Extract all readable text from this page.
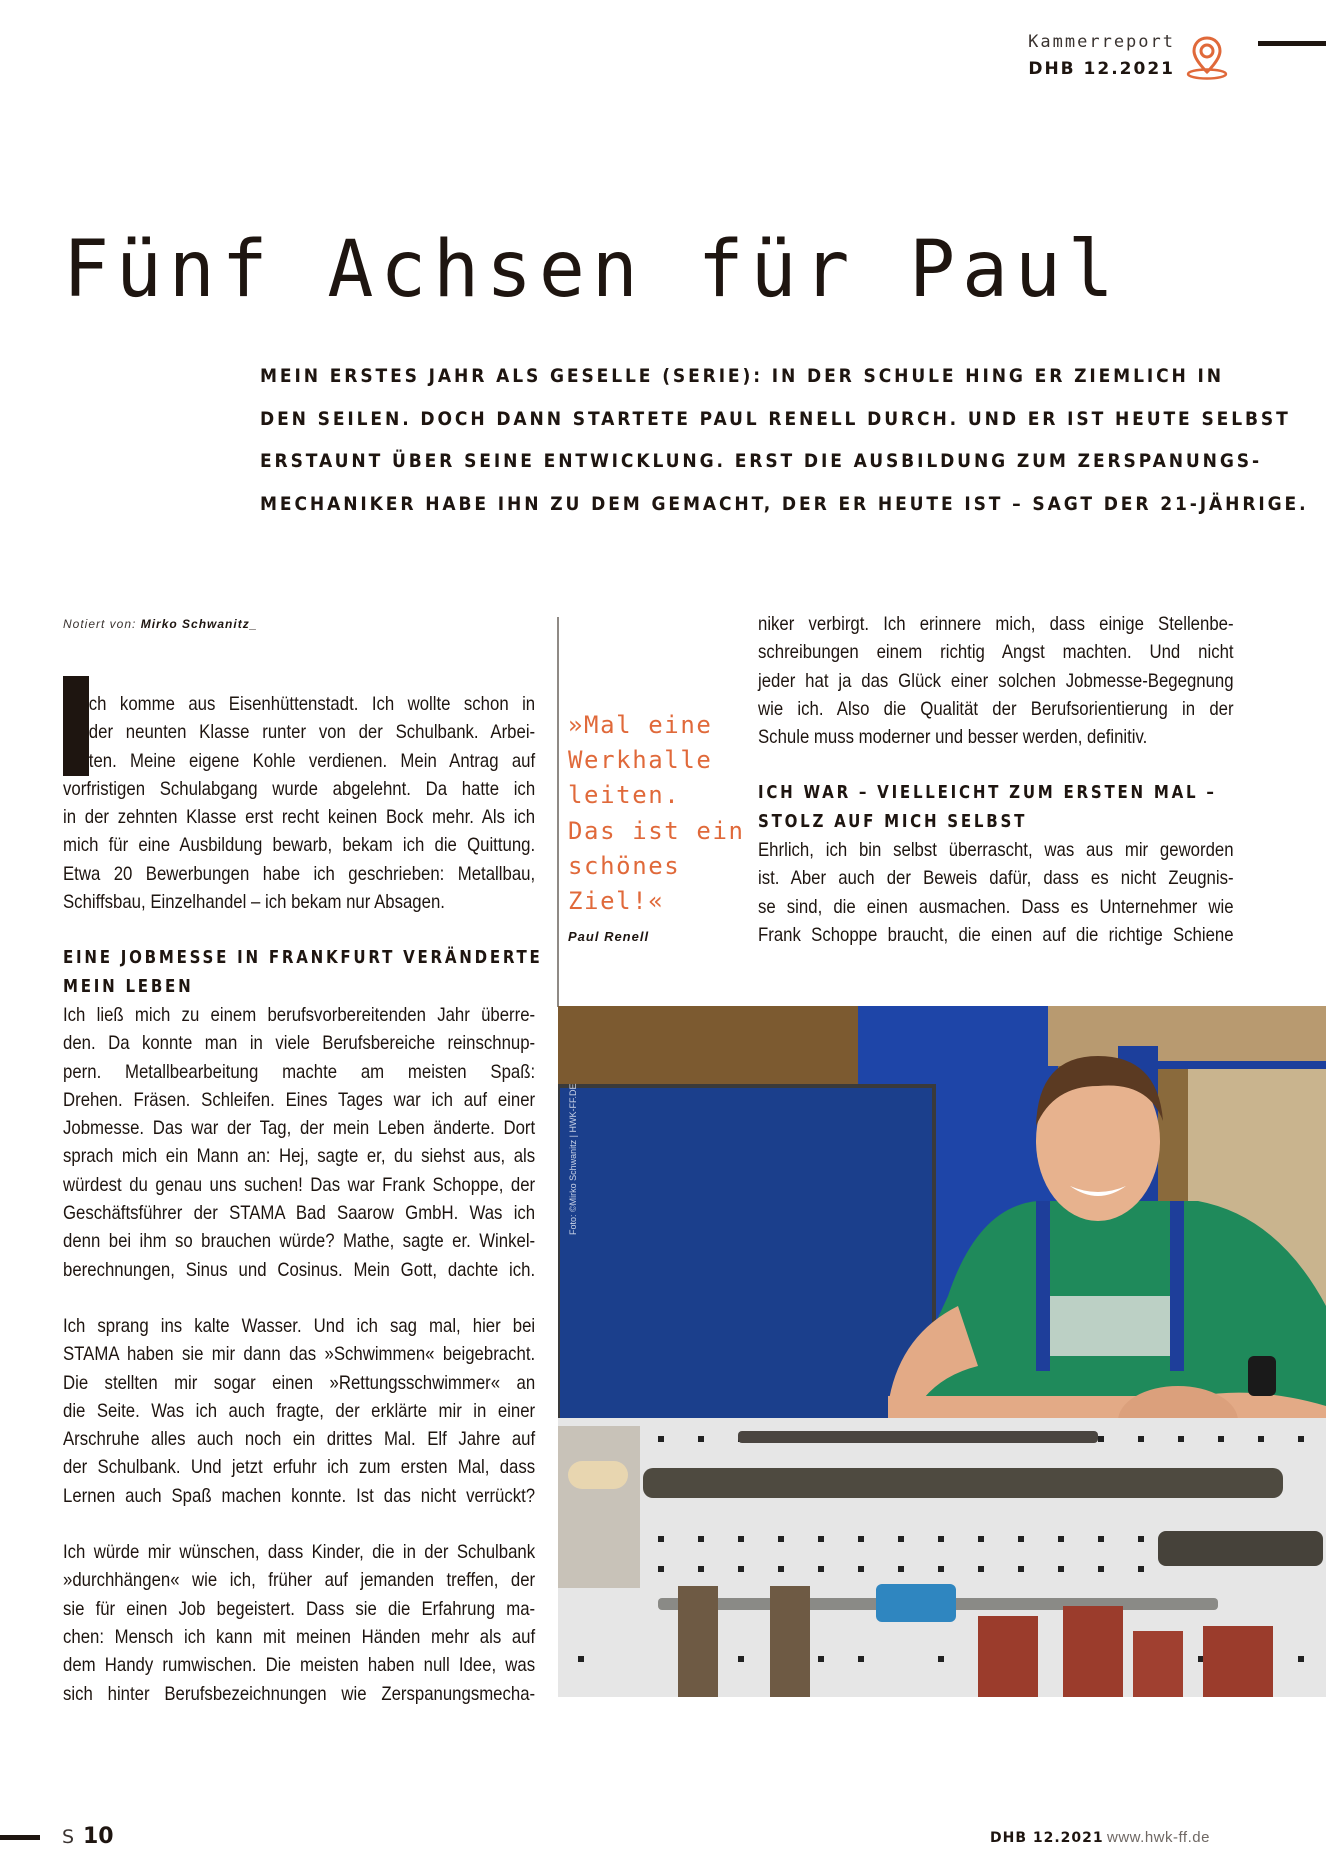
Kammerreport
DHB 12.2021
Fünf Achsen für Paul
MEIN ERSTES JAHR ALS GESELLE (SERIE): IN DER SCHULE HING ER ZIEMLICH IN
DEN SEILEN. DOCH DANN STARTETE PAUL RENELL DURCH. UND ER IST HEUTE SELBST
ERSTAUNT ÜBER SEINE ENTWICKLUNG. ERST DIE AUSBILDUNG ZUM ZERSPANUNGS-
MECHANIKER HABE IHN ZU DEM GEMACHT, DER ER HEUTE IST – SAGT DER 21-JÄHRIGE.
Notiert von: Mirko Schwanitz_
ch komme aus Eisenhüttenstadt. Ich wollte schon in
der neunten Klasse runter von der Schulbank. Arbei-
ten. Meine eigene Kohle verdienen. Mein Antrag auf
vorfristigen Schulabgang wurde abgelehnt. Da hatte ich
in der zehnten Klasse erst recht keinen Bock mehr. Als ich
mich für eine Ausbildung bewarb, bekam ich die Quittung.
Etwa 20 Bewerbungen habe ich geschrieben: Metallbau,
Schiffsbau, Einzelhandel – ich bekam nur Absagen.
EINE JOBMESSE IN FRANKFURT VERÄNDERTE
MEIN LEBEN
Ich ließ mich zu einem berufsvorbereitenden Jahr überre-
den. Da konnte man in viele Berufsbereiche reinschnup-
pern. Metallbearbeitung machte am meisten Spaß:
Drehen. Fräsen. Schleifen. Eines Tages war ich auf einer
Jobmesse. Das war der Tag, der mein Leben änderte. Dort
sprach mich ein Mann an: Hej, sagte er, du siehst aus, als
würdest du genau uns suchen! Das war Frank Schoppe, der
Geschäftsführer der STAMA Bad Saarow GmbH. Was ich
denn bei ihm so brauchen würde? Mathe, sagte er. Winkel-
berechnungen, Sinus und Cosinus. Mein Gott, dachte ich.
Ich sprang ins kalte Wasser. Und ich sag mal, hier bei
STAMA haben sie mir dann das »Schwimmen« beigebracht.
Die stellten mir sogar einen »Rettungsschwimmer« an
die Seite. Was ich auch fragte, der erklärte mir in einer
Arschruhe alles auch noch ein drittes Mal. Elf Jahre auf
der Schulbank. Und jetzt erfuhr ich zum ersten Mal, dass
Lernen auch Spaß machen konnte. Ist das nicht verrückt?
Ich würde mir wünschen, dass Kinder, die in der Schulbank
»durchhängen« wie ich, früher auf jemanden treffen, der
sie für einen Job begeistert. Dass sie die Erfahrung ma-
chen: Mensch ich kann mit meinen Händen mehr als auf
dem Handy rumwischen. Die meisten haben null Idee, was
sich hinter Berufsbezeichnungen wie Zerspanungsmecha-
»Mal eine
Werkhalle
leiten.
Das ist ein
schönes
Ziel!«
Paul Renell
niker verbirgt. Ich erinnere mich, dass einige Stellenbe-
schreibungen einem richtig Angst machten. Und nicht
jeder hat ja das Glück einer solchen Jobmesse-Begegnung
wie ich. Also die Qualität der Berufsorientierung in der
Schule muss moderner und besser werden, definitiv.
ICH WAR – VIELLEICHT ZUM ERSTEN MAL –
STOLZ AUF MICH SELBST
Ehrlich, ich bin selbst überrascht, was aus mir geworden
ist. Aber auch der Beweis dafür, dass es nicht Zeugnis-
se sind, die einen ausmachen. Dass es Unternehmer wie
Frank Schoppe braucht, die einen auf die richtige Schiene
Foto: ©Mirko Schwanitz | HWK-FF.DE
S 10	DHB 12.2021 www.hwk-ff.de
